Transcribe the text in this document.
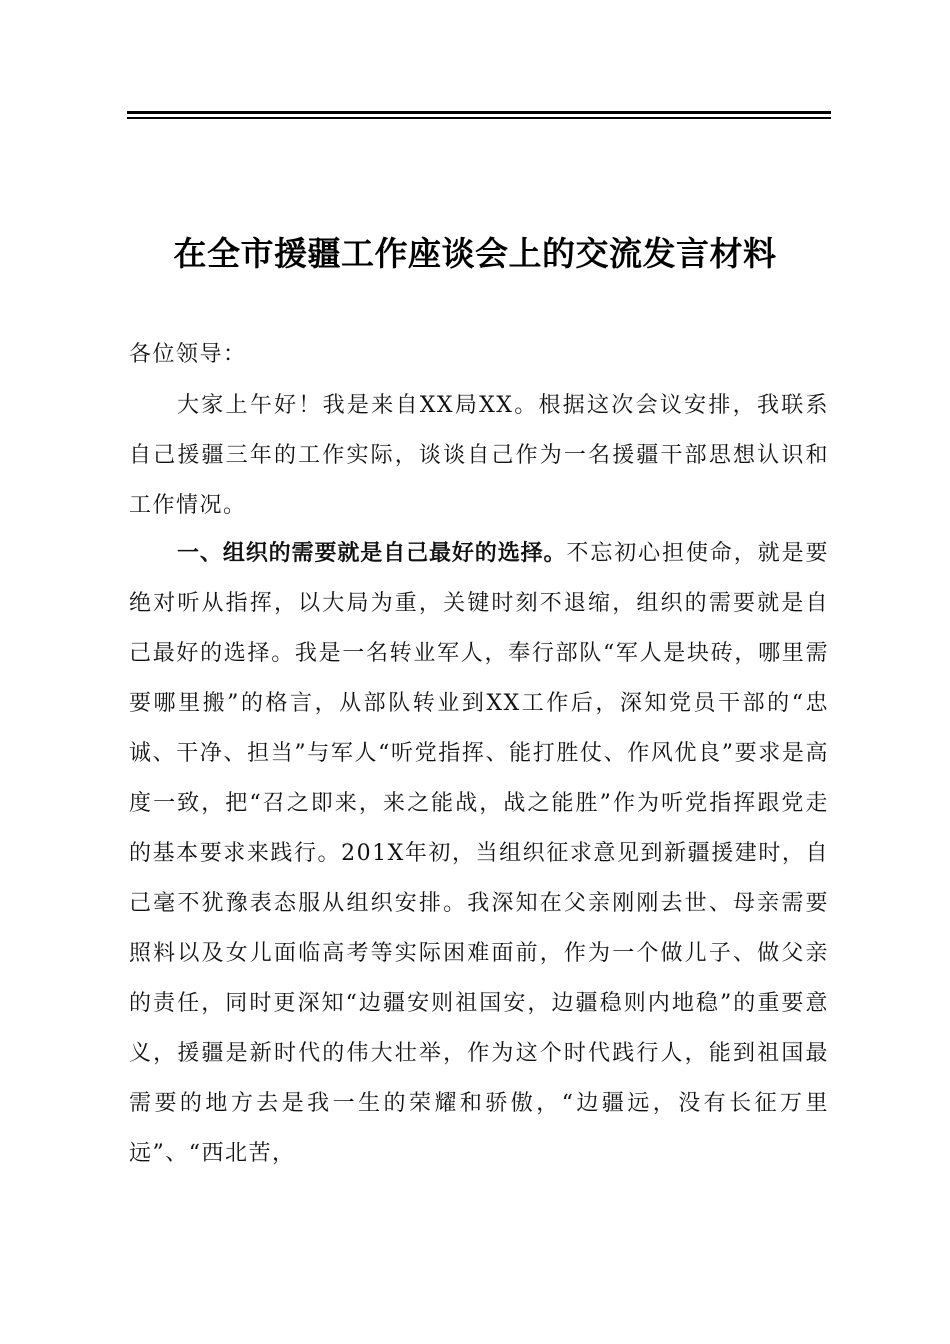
在全市援疆工作座谈会上的交流发言材料

各位领导：

大家上午好！我是来自XX局XX。根据这次会议安排，我联系自己援疆三年的工作实际，谈谈自己作为一名援疆干部思想认识和工作情况。

一、组织的需要就是自己最好的选择。不忘初心担使命，就是要绝对听从指挥，以大局为重，关键时刻不退缩，组织的需要就是自己最好的选择。我是一名转业军人，奉行部队“军人是块砖，哪里需要哪里搬”的格言，从部队转业到XX工作后，深知党员干部的“忠诚、干净、担当”与军人“听党指挥、能打胜仗、作风优良”要求是高度一致，把“召之即来，来之能战，战之能胜”作为听党指挥跟党走的基本要求来践行。201X年初，当组织征求意见到新疆援建时，自己毫不犹豫表态服从组织安排。我深知在父亲刚刚去世、母亲需要照料以及女儿面临高考等实际困难面前，作为一个做儿子、做父亲的责任，同时更深知“边疆安则祖国安，边疆稳则内地稳”的重要意义，援疆是新时代的伟大壮举，作为这个时代践行人，能到祖国最需要的地方去是我一生的荣耀和骄傲，“边疆远，没有长征万里远”、“西北苦，
